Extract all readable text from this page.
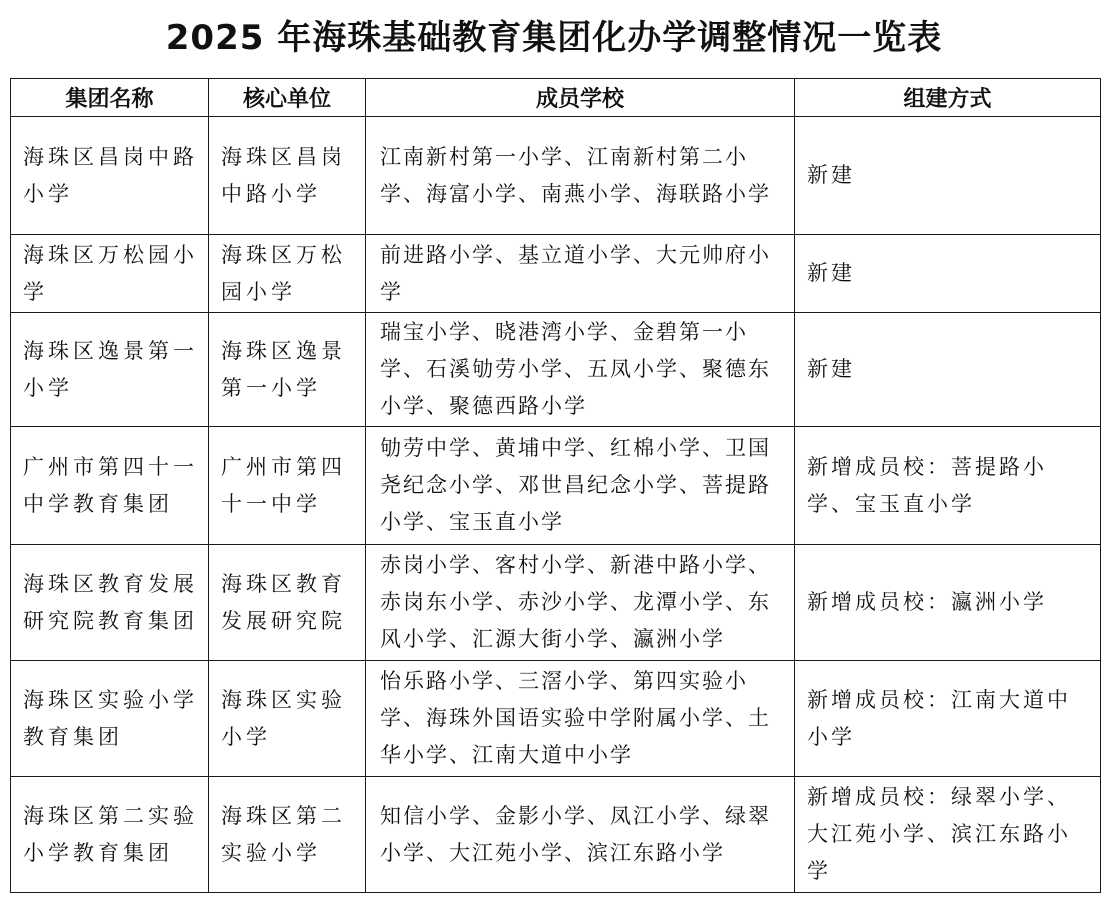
2025 年海珠基础教育集团化办学调整情况一览表
集团名称	核心单位	成员学校	组建方式
海珠区昌岗中路小学	海珠区昌岗中路小学	江南新村第一小学、江南新村第二小学、海富小学、南燕小学、海联路小学	新建
海珠区万松园小学	海珠区万松园小学	前进路小学、基立道小学、大元帅府小学	新建
海珠区逸景第一小学	海珠区逸景第一小学	瑞宝小学、晓港湾小学、金碧第一小学、石溪劬劳小学、五凤小学、聚德东小学、聚德西路小学	新建
广州市第四十一中学教育集团	广州市第四十一中学	劬劳中学、黄埔中学、红棉小学、卫国尧纪念小学、邓世昌纪念小学、菩提路小学、宝玉直小学	新增成员校：菩提路小学、宝玉直小学
海珠区教育发展研究院教育集团	海珠区教育发展研究院	赤岗小学、客村小学、新港中路小学、赤岗东小学、赤沙小学、龙潭小学、东风小学、汇源大街小学、瀛洲小学	新增成员校：瀛洲小学
海珠区实验小学教育集团	海珠区实验小学	怡乐路小学、三滘小学、第四实验小学、海珠外国语实验中学附属小学、土华小学、江南大道中小学	新增成员校：江南大道中小学
海珠区第二实验小学教育集团	海珠区第二实验小学	知信小学、金影小学、凤江小学、绿翠小学、大江苑小学、滨江东路小学	新增成员校：绿翠小学、大江苑小学、滨江东路小学
